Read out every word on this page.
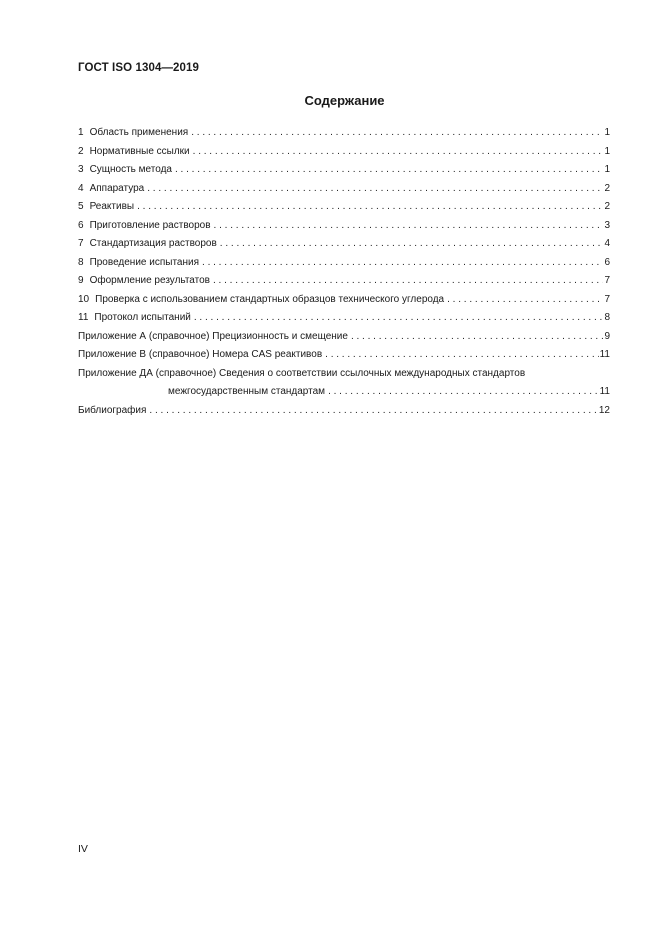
ГОСТ ISO 1304—2019
Содержание
1 Область применения . . .	1
2 Нормативные ссылки . . .	1
3 Сущность метода . . .	1
4 Аппаратура . . .	2
5 Реактивы . . .	2
6 Приготовление растворов . . .	3
7 Стандартизация растворов . . .	4
8 Проведение испытания . . .	6
9 Оформление результатов . . .	7
10 Проверка с использованием стандартных образцов технического углерода . . .	7
11 Протокол испытаний . . .	8
Приложение А (справочное) Прецизионность и смещение . . .	9
Приложение В (справочное) Номера CAS реактивов . . .	11
Приложение ДА (справочное) Сведения о соответствии ссылочных международных стандартов
межгосударственным стандартам . . .	11
Библиография . . .	12
IV
